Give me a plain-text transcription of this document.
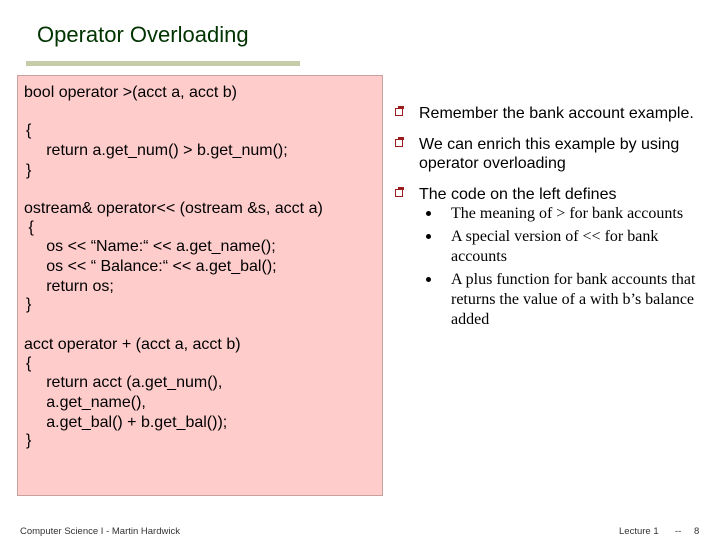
Operator Overloading
bool operator >(acct a, acct b)
{
return a.get_num() > b.get_num();
}
ostream& operator<< (ostream &s, acct a)
{
os << “Name:“ << a.get_name();
os << “ Balance:“ << a.get_bal();
return os;
}
acct operator + (acct a, acct b)
{
return acct (a.get_num(),
a.get_name(),
a.get_bal() + b.get_bal());
}
Remember the bank account example.
We can enrich this example by using operator overloading
The code on the left defines
The meaning of > for bank accounts
A special version of << for bank accounts
A plus function for bank accounts that returns the value of a with b’s balance added
Computer Science I - Martin Hardwick	Lecture 1 -- 8
